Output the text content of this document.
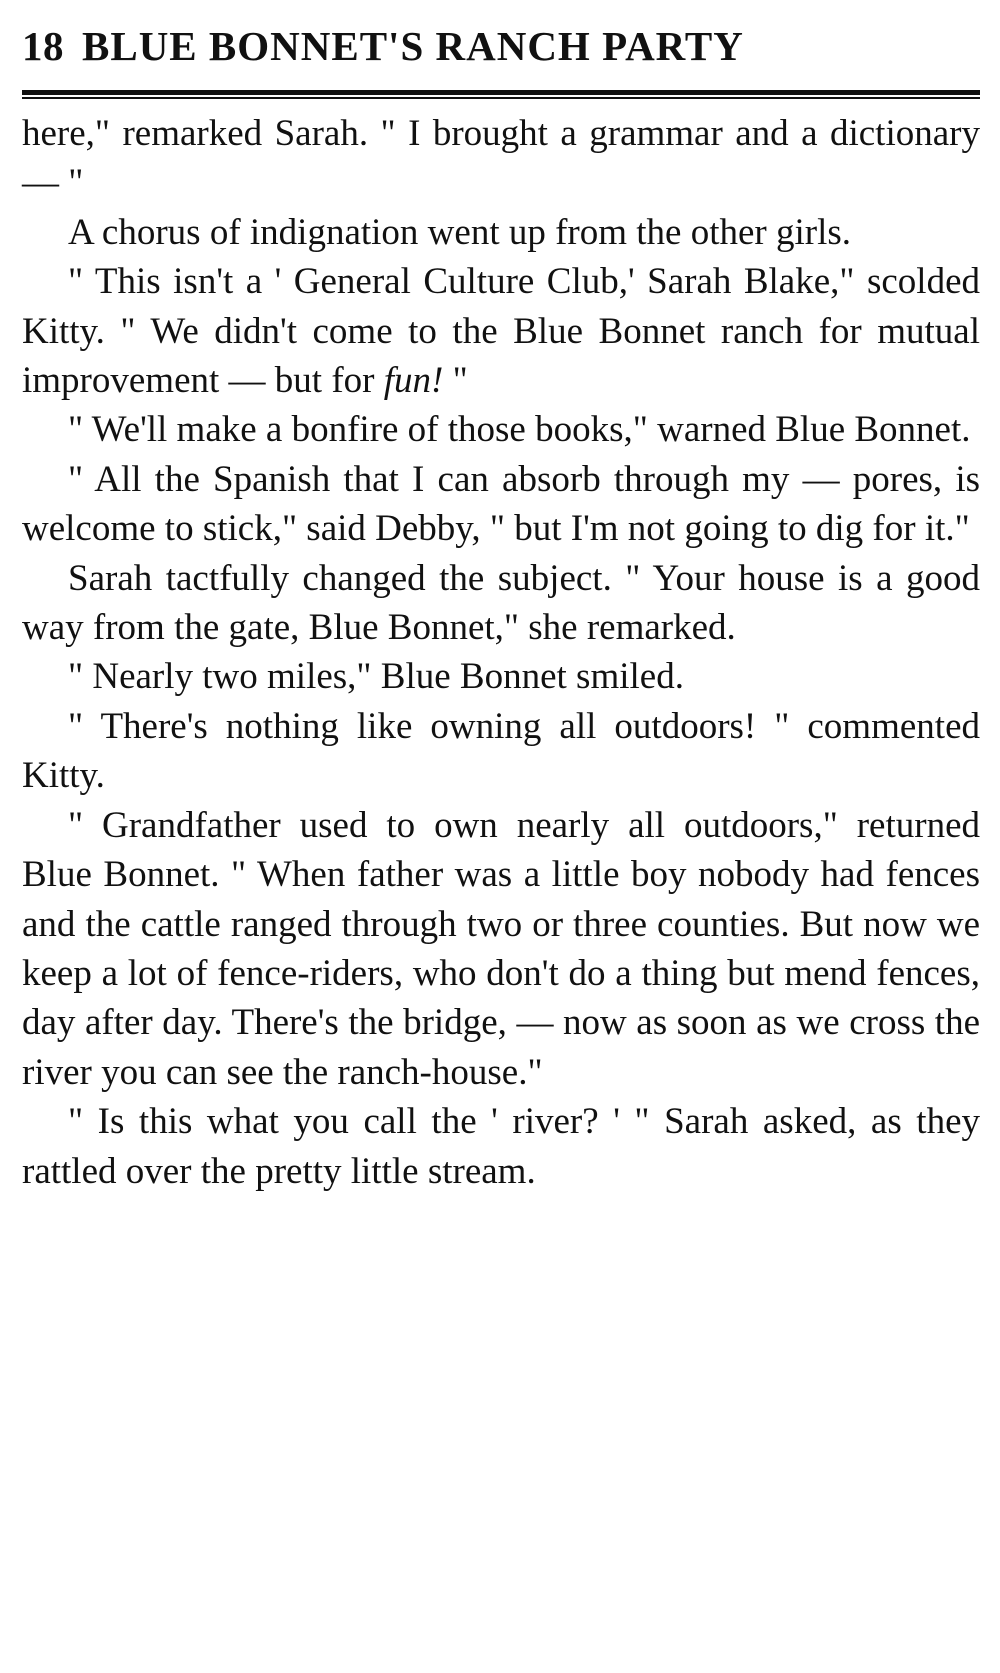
18 BLUE BONNET'S RANCH PARTY

here," remarked Sarah. " I brought a grammar and a dictionary — "

A chorus of indignation went up from the other girls.

" This isn't a ' General Culture Club,' Sarah Blake," scolded Kitty. " We didn't come to the Blue Bonnet ranch for mutual improvement — but for fun! "

" We'll make a bonfire of those books," warned Blue Bonnet.

" All the Spanish that I can absorb through my — pores, is welcome to stick," said Debby, " but I'm not going to dig for it."

Sarah tactfully changed the subject. " Your house is a good way from the gate, Blue Bonnet," she remarked.

" Nearly two miles," Blue Bonnet smiled.

" There's nothing like owning all outdoors! " commented Kitty.

" Grandfather used to own nearly all outdoors," returned Blue Bonnet. " When father was a little boy nobody had fences and the cattle ranged through two or three counties. But now we keep a lot of fence-riders, who don't do a thing but mend fences, day after day. There's the bridge, — now as soon as we cross the river you can see the ranch-house."

" Is this what you call the ' river? ' " Sarah asked, as they rattled over the pretty little stream.
